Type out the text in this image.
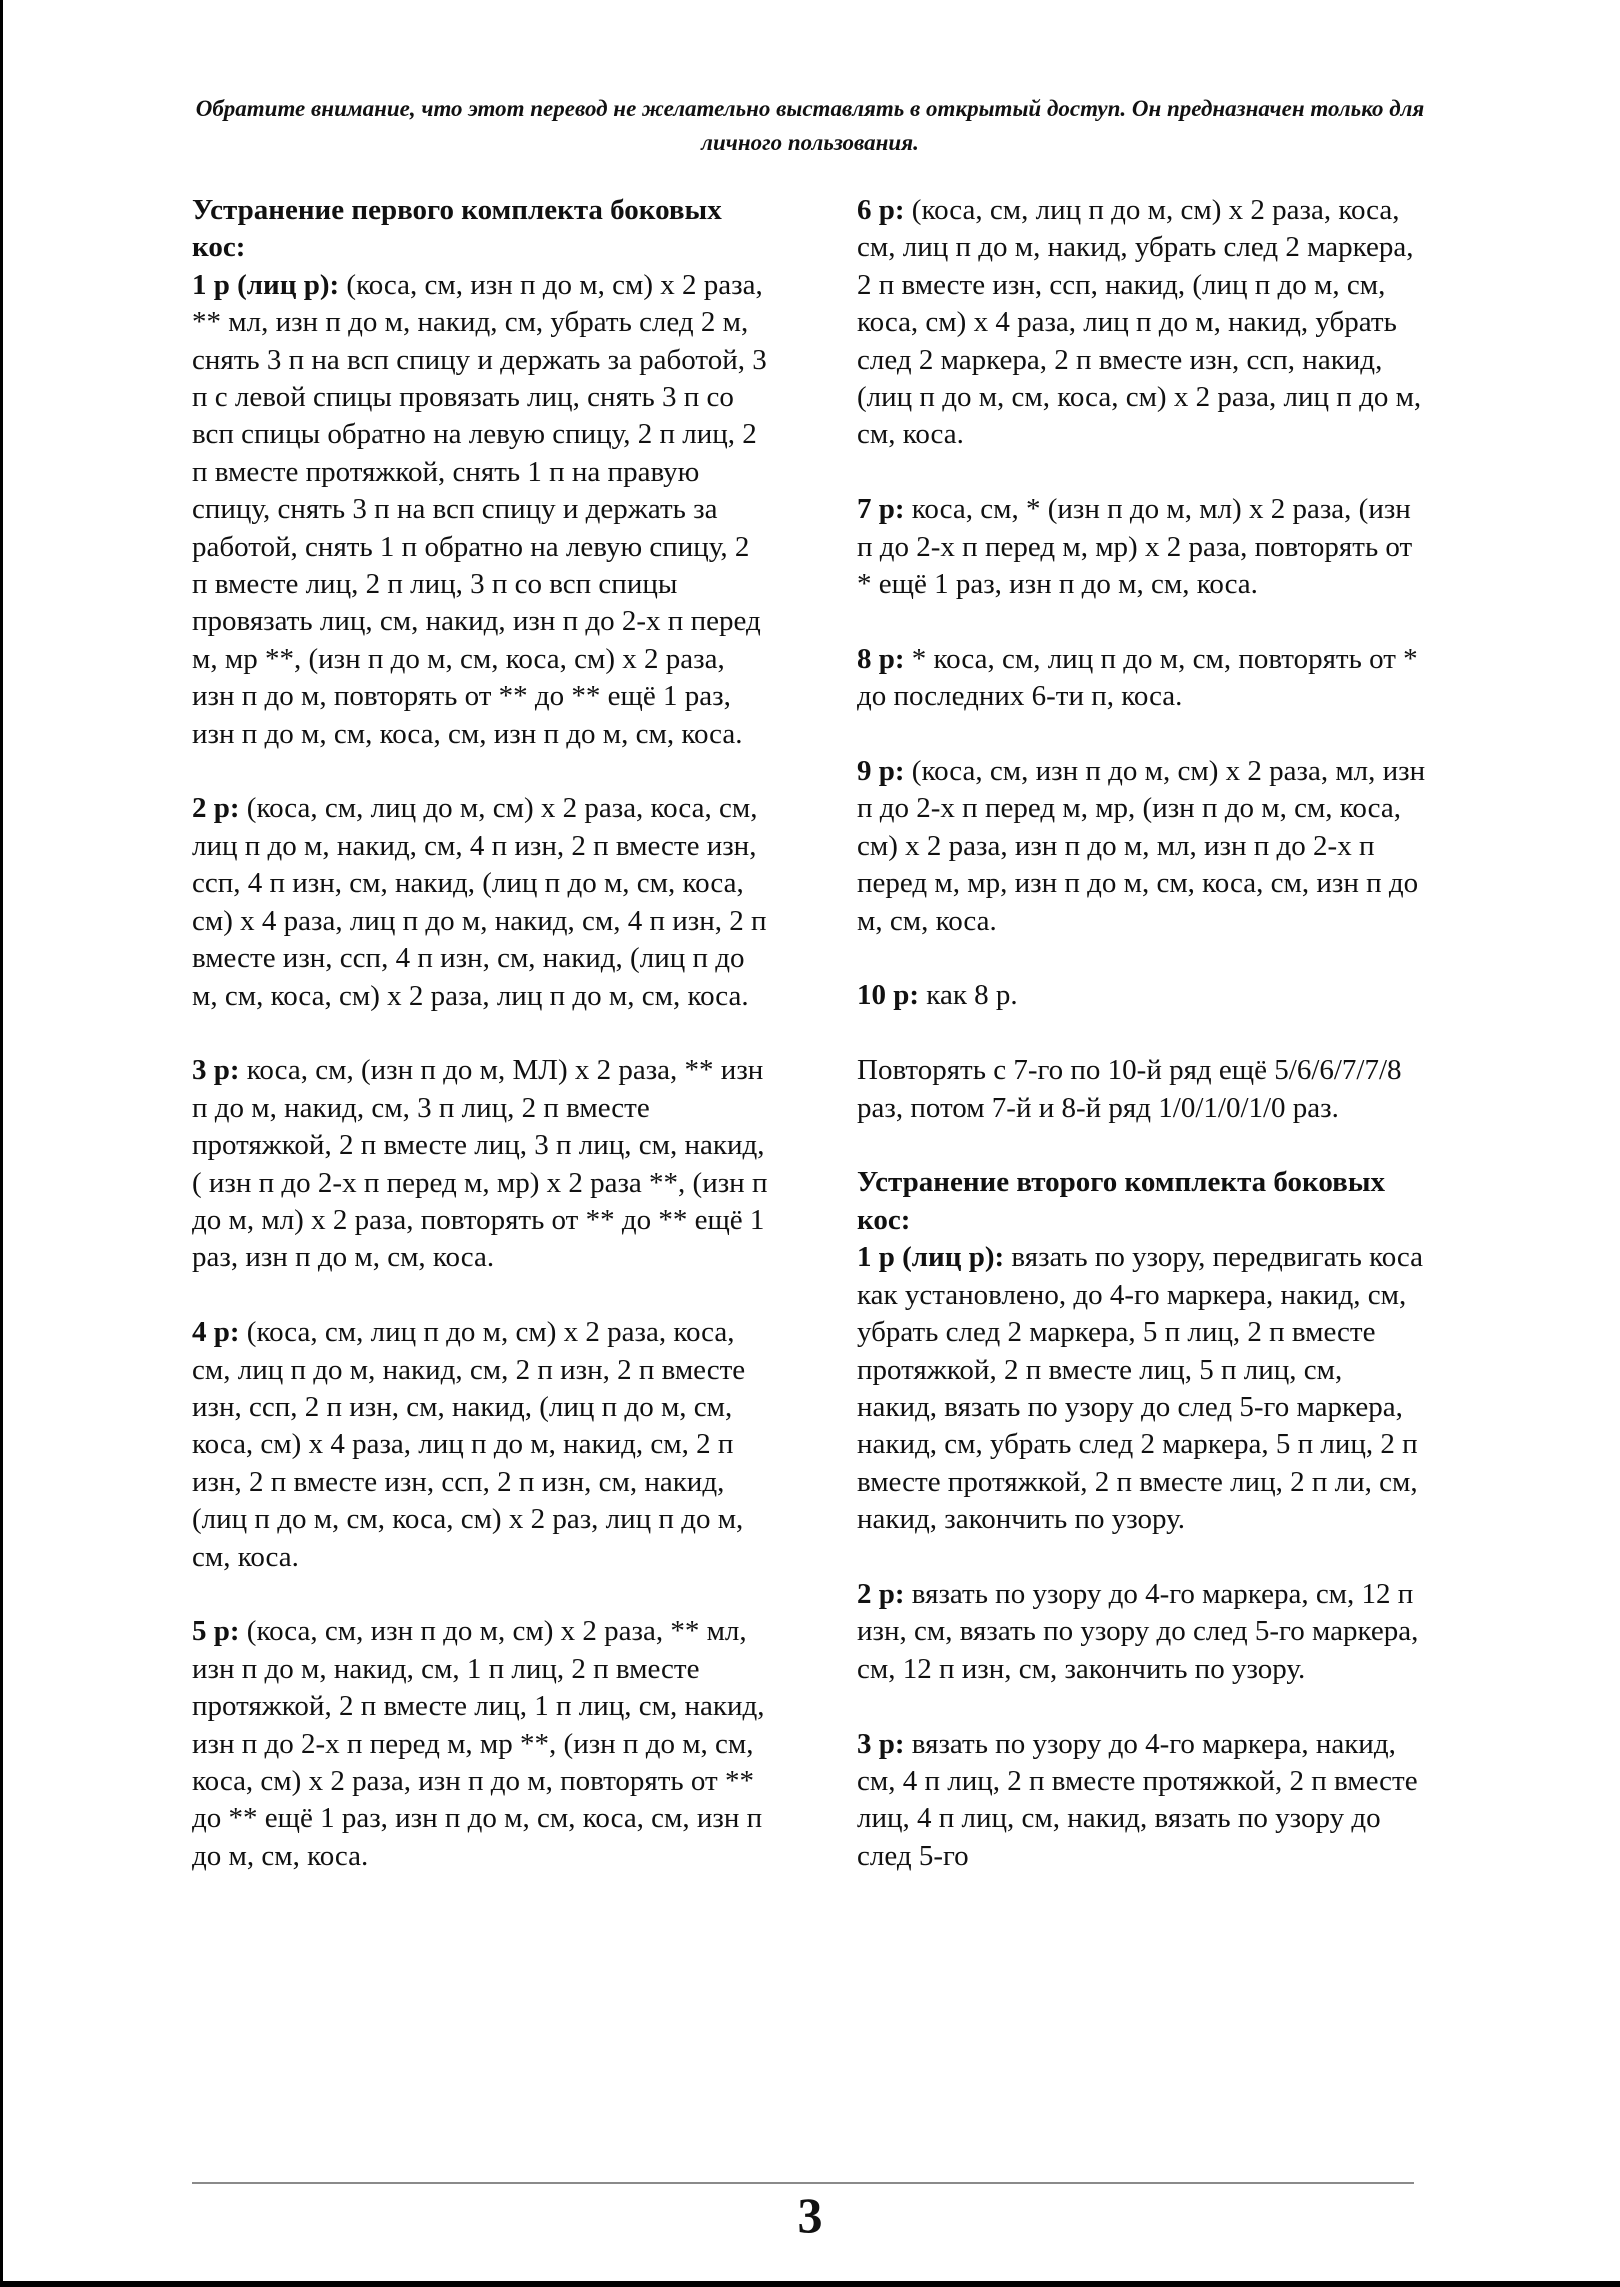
Обратите внимание, что этот перевод не желательно выставлять в открытый доступ. Он предназначен только для личного пользования.
Устранение первого комплекта боковых кос:
1 р (лиц р): (коса, см, изн п до м, см) х 2 раза, ** мл, изн п до м, накид, см, убрать след 2 м, снять 3 п на всп спицу и держать за работой, 3 п с левой спицы провязать лиц, снять 3 п со всп спицы обратно на левую спицу, 2 п лиц, 2 п вместе протяжкой, снять 1 п на правую спицу, снять 3 п на всп спицу и держать за работой, снять 1 п обратно на левую спицу, 2 п вместе лиц, 2 п лиц, 3 п со всп спицы провязать лиц, см, накид, изн п до 2-х п перед м, мр **, (изн п до м, см, коса, см) х 2 раза, изн п до м, повторять от ** до ** ещё 1 раз, изн п до м, см, коса, см, изн п до м, см, коса.
2 р: (коса, см, лиц до м, см) х 2 раза, коса, см, лиц п до м, накид, см, 4 п изн, 2 п вместе изн, ссп, 4 п изн, см, накид, (лиц п до м, см, коса, см) х 4 раза, лиц п до м, накид, см, 4 п изн, 2 п вместе изн, ссп, 4 п изн, см, накид, (лиц п до м, см, коса, см) х 2 раза, лиц п до м, см, коса.
3 р: коса, см, (изн п до м, МЛ) х 2 раза, ** изн п до м, накид, см, 3 п лиц, 2 п вместе протяжкой, 2 п вместе лиц, 3 п лиц, см, накид, ( изн п до 2-х п перед м, мр) х 2 раза **, (изн п до м, мл) х 2 раза, повторять от ** до ** ещё 1 раз, изн п до м, см, коса.
4 р: (коса, см, лиц п до м, см) х 2 раза, коса, см, лиц п до м, накид, см, 2 п изн, 2 п вместе изн, ссп, 2 п изн, см, накид, (лиц п до м, см, коса, см) х 4 раза, лиц п до м, накид, см, 2 п изн, 2 п вместе изн, ссп, 2 п изн, см, накид, (лиц п до м, см, коса, см) х 2 раз, лиц п до м, см, коса.
5 р: (коса, см, изн п до м, см) х 2 раза, ** мл, изн п до м, накид, см, 1 п лиц, 2 п вместе протяжкой, 2 п вместе лиц, 1 п лиц, см, накид, изн п до 2-х п перед м, мр **, (изн п до м, см, коса, см) х 2 раза, изн п до м, повторять от ** до ** ещё 1 раз, изн п до м, см, коса, см, изн п до м, см, коса.
6 р: (коса, см, лиц п до м, см) х 2 раза, коса, см, лиц п до м, накид, убрать след 2 маркера, 2 п вместе изн, ссп, накид, (лиц п до м, см, коса, см) х 4 раза, лиц п до м, накид, убрать след 2 маркера, 2 п вместе изн, ссп, накид, (лиц п до м, см, коса, см) х 2 раза, лиц п до м, см, коса.
7 р: коса, см, * (изн п до м, мл) х 2 раза, (изн п до 2-х п перед м, мр) х 2 раза, повторять от * ещё 1 раз, изн п до м, см, коса.
8 р: * коса, см, лиц п до м, см, повторять от * до последних 6-ти п, коса.
9 р: (коса, см, изн п до м, см) х 2 раза, мл, изн п до 2-х п перед м, мр, (изн п до м, см, коса, см) х 2 раза, изн п до м, мл, изн п до 2-х п перед м, мр, изн п до м, см, коса, см, изн п до м, см, коса.
10 р: как 8 р.
Повторять с 7-го по 10-й ряд ещё 5/6/6/7/7/8 раз, потом 7-й и 8-й ряд 1/0/1/0/1/0 раз.
Устранение второго комплекта боковых кос:
1 р (лиц р): вязать по узору, передвигать коса как установлено, до 4-го маркера, накид, см, убрать след 2 маркера, 5 п лиц, 2 п вместе протяжкой, 2 п вместе лиц, 5 п лиц, см, накид, вязать по узору до след 5-го маркера, накид, см, убрать след 2 маркера, 5 п лиц, 2 п вместе протяжкой, 2 п вместе лиц, 2 п ли, см, накид, закончить по узору.
2 р: вязать по узору до 4-го маркера, см, 12 п изн, см, вязать по узору до след 5-го маркера, см, 12 п изн, см, закончить по узору.
3 р: вязать по узору до 4-го маркера, накид, см, 4 п лиц, 2 п вместе протяжкой, 2 п вместе лиц, 4 п лиц, см, накид, вязать по узору до след 5-го
3
